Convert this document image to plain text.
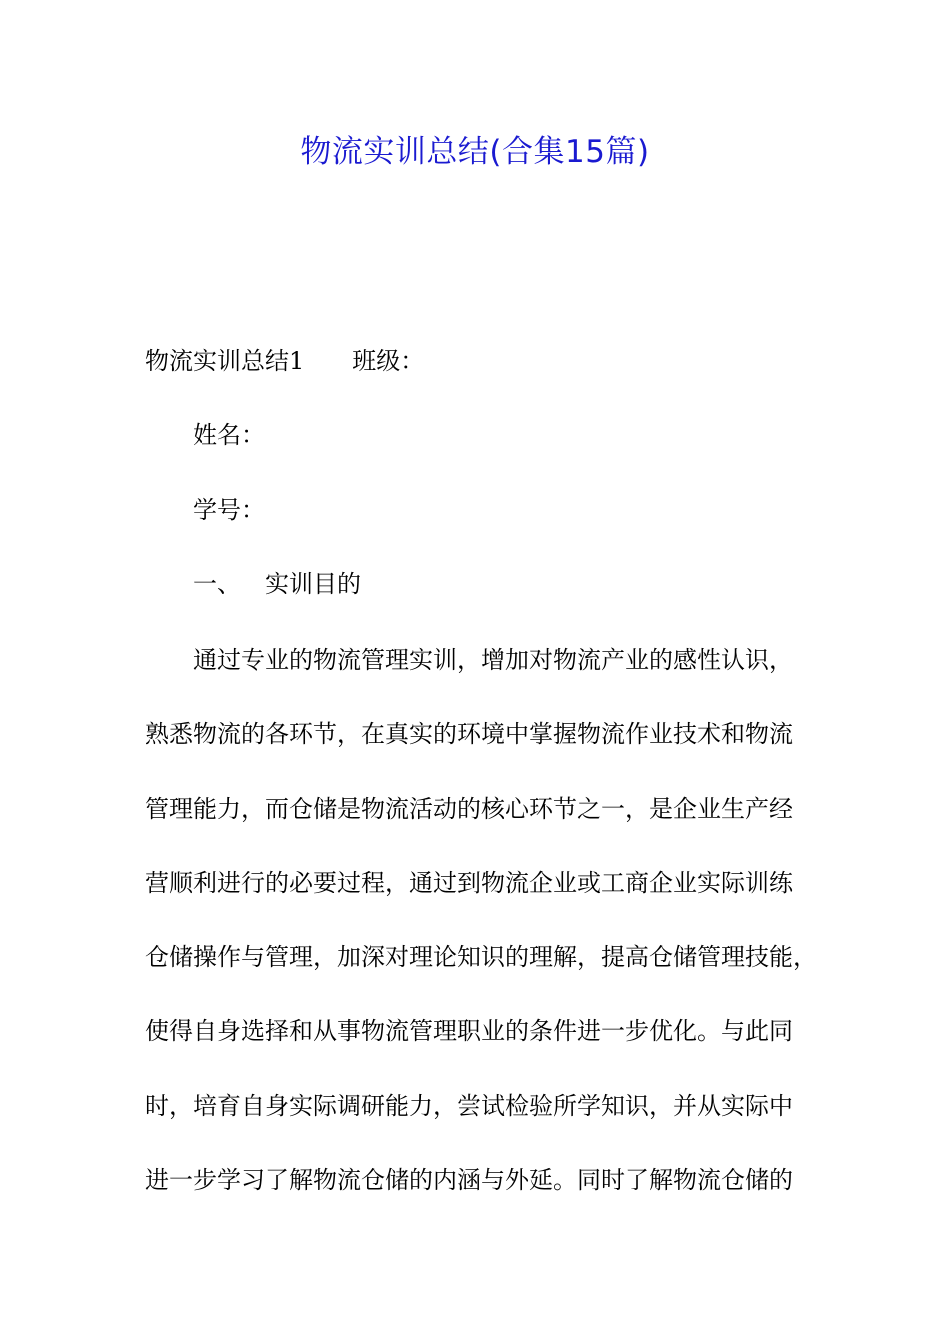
物流实训总结(合集15篇)
物流实训总结1 班级：
姓名：
学号：
一、 实训目的
通过专业的物流管理实训，增加对物流产业的感性认识，
熟悉物流的各环节，在真实的环境中掌握物流作业技术和物流
管理能力，而仓储是物流活动的核心环节之一，是企业生产经
营顺利进行的必要过程，通过到物流企业或工商企业实际训练
仓储操作与管理，加深对理论知识的理解，提高仓储管理技能，
使得自身选择和从事物流管理职业的条件进一步优化。与此同
时，培育自身实际调研能力，尝试检验所学知识，并从实际中
进一步学习了解物流仓储的内涵与外延。同时了解物流仓储的
